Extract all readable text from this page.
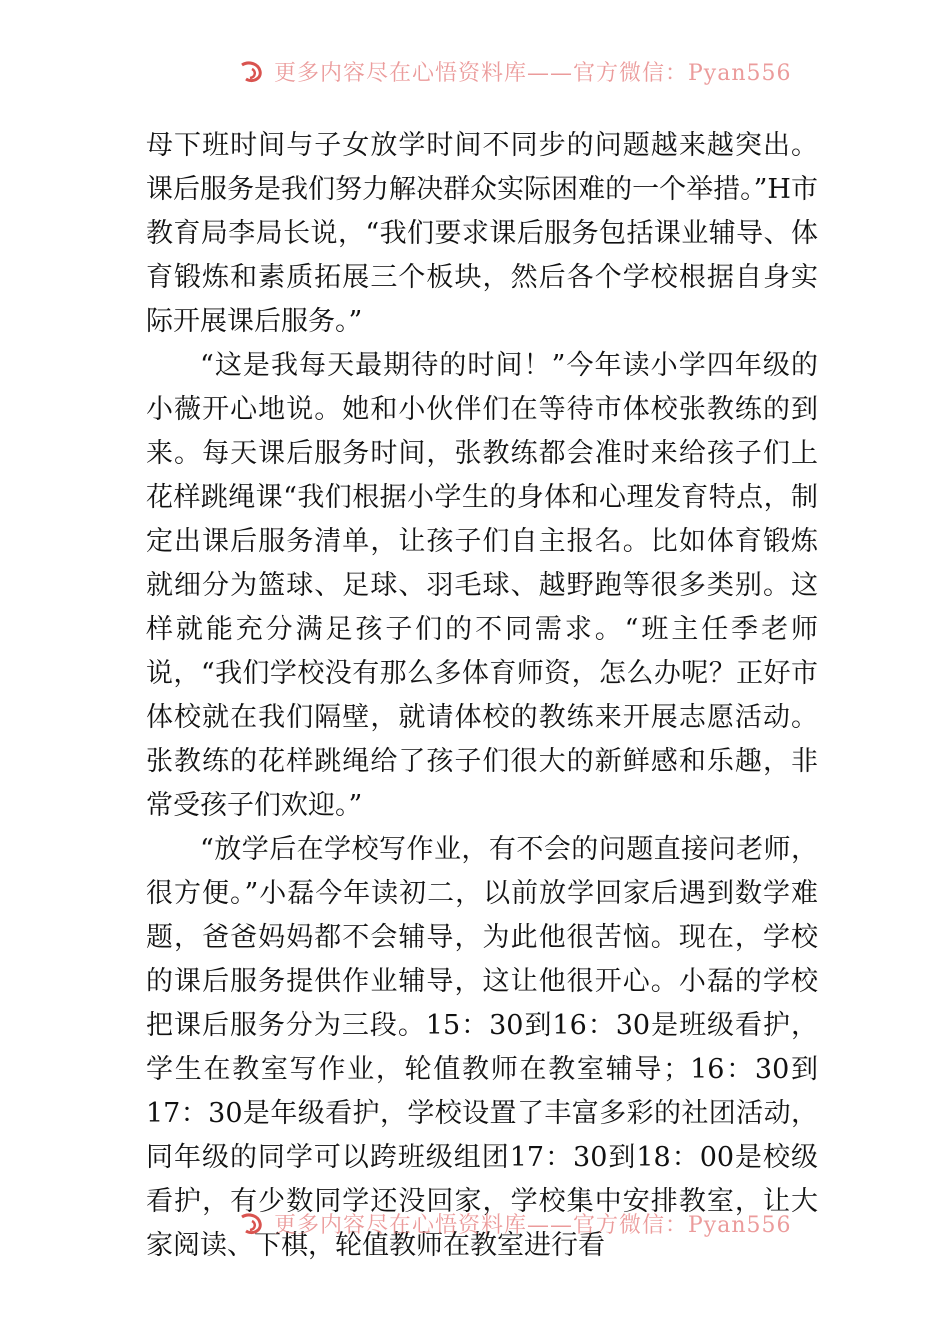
更多内容尽在心悟资料库——官方微信：Pyan556

母下班时间与子女放学时间不同步的问题越来越突出。课后服务是我们努力解决群众实际困难的一个举措。”H市教育局李局长说，“我们要求课后服务包括课业辅导、体育锻炼和素质拓展三个板块，然后各个学校根据自身实际开展课后服务。”

“这是我每天最期待的时间！”今年读小学四年级的小薇开心地说。她和小伙伴们在等待市体校张教练的到来。每天课后服务时间，张教练都会准时来给孩子们上花样跳绳课“我们根据小学生的身体和心理发育特点，制定出课后服务清单，让孩子们自主报名。比如体育锻炼就细分为篮球、足球、羽毛球、越野跑等很多类别。这样就能充分满足孩子们的不同需求。“班主任季老师说，“我们学校没有那么多体育师资，怎么办呢？正好市体校就在我们隔壁，就请体校的教练来开展志愿活动。张教练的花样跳绳给了孩子们很大的新鲜感和乐趣，非常受孩子们欢迎。”

“放学后在学校写作业，有不会的问题直接问老师，很方便。”小磊今年读初二，以前放学回家后遇到数学难题，爸爸妈妈都不会辅导，为此他很苦恼。现在，学校的课后服务提供作业辅导，这让他很开心。小磊的学校把课后服务分为三段。15：30到16：30是班级看护，学生在教室写作业，轮值教师在教室辅导；16：30到17：30是年级看护，学校设置了丰富多彩的社团活动，同年级的同学可以跨班级组团17：30到18：00是校级看护，有少数同学还没回家，学校集中安排教室，让大家阅读、下棋，轮值教师在教室进行看

更多内容尽在心悟资料库——官方微信：Pyan556
